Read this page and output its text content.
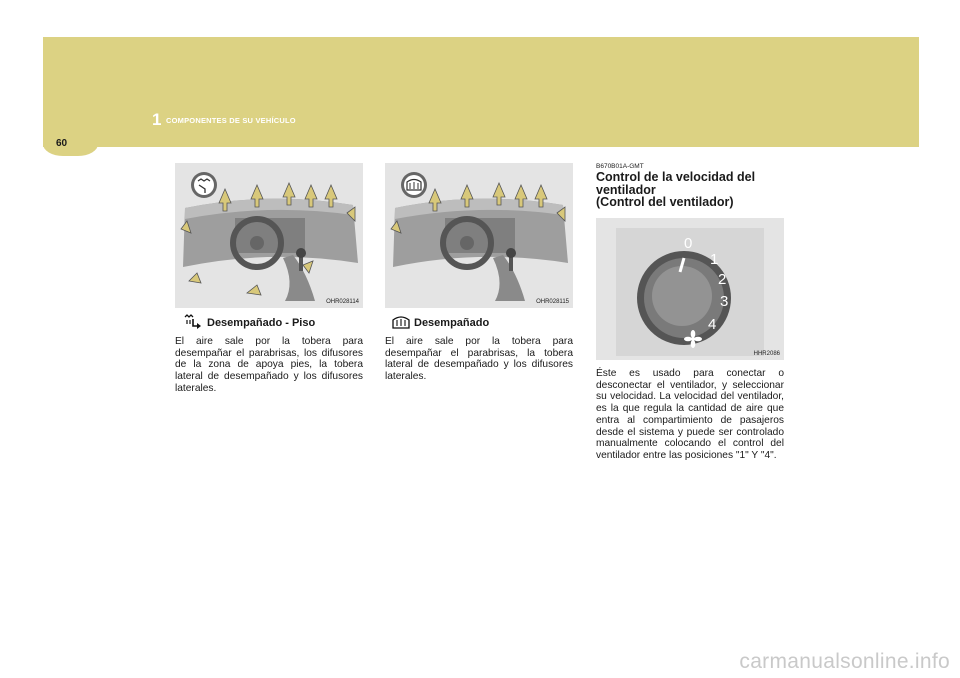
60
1 COMPONENTES DE SU VEHÍCULO
OHR028114	OHR028115
0
1
2
3
4
HHR2086
Desempañado - Piso

El aire sale por la tobera para desempañar el parabrisas, los difusores de la zona de apoya pies, la tobera lateral de desempañado y los difusores laterales.

Desempañado

El aire sale por la tobera para desempañar el parabrisas, la tobera lateral de desempañado y los difusores laterales.

B670B01A-GMT
Control de la velocidad del
ventilador
(Control del ventilador)

Éste es usado para conectar o desconectar el ventilador, y seleccionar su velocidad. La velocidad del ventilador, es la que regula la cantidad de aire que entra al compartimiento de pasajeros desde el sistema y puede ser controlado manualmente colocando el control del ventilador entre las posiciones "1" Y "4".

carmanualsonline.info
